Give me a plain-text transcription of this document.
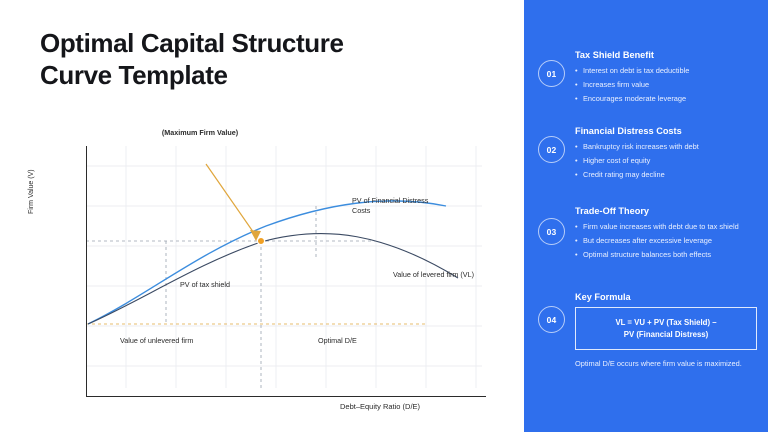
Optimal Capital Structure
Curve Template
Firm Value (V)
Debt–Equity Ratio (D/E)
(Maximum Firm Value)
PV of Financial Distress Costs
Value of levered firm (VL)
PV of tax shield
Value of unlevered firm	Optimal D/E
01
Tax Shield Benefit
• Interest on debt is tax deductible
• Increases firm value
• Encourages moderate leverage
02
Financial Distress Costs
• Bankruptcy risk increases with debt
• Higher cost of equity
• Credit rating may decline
03
Trade-Off Theory
• Firm value increases with debt due to tax shield
• But decreases after excessive leverage
• Optimal structure balances both effects
04
Key Formula
VL = VU + PV (Tax Shield) –
PV (Financial Distress)
Optimal D/E occurs where firm value is maximized.
